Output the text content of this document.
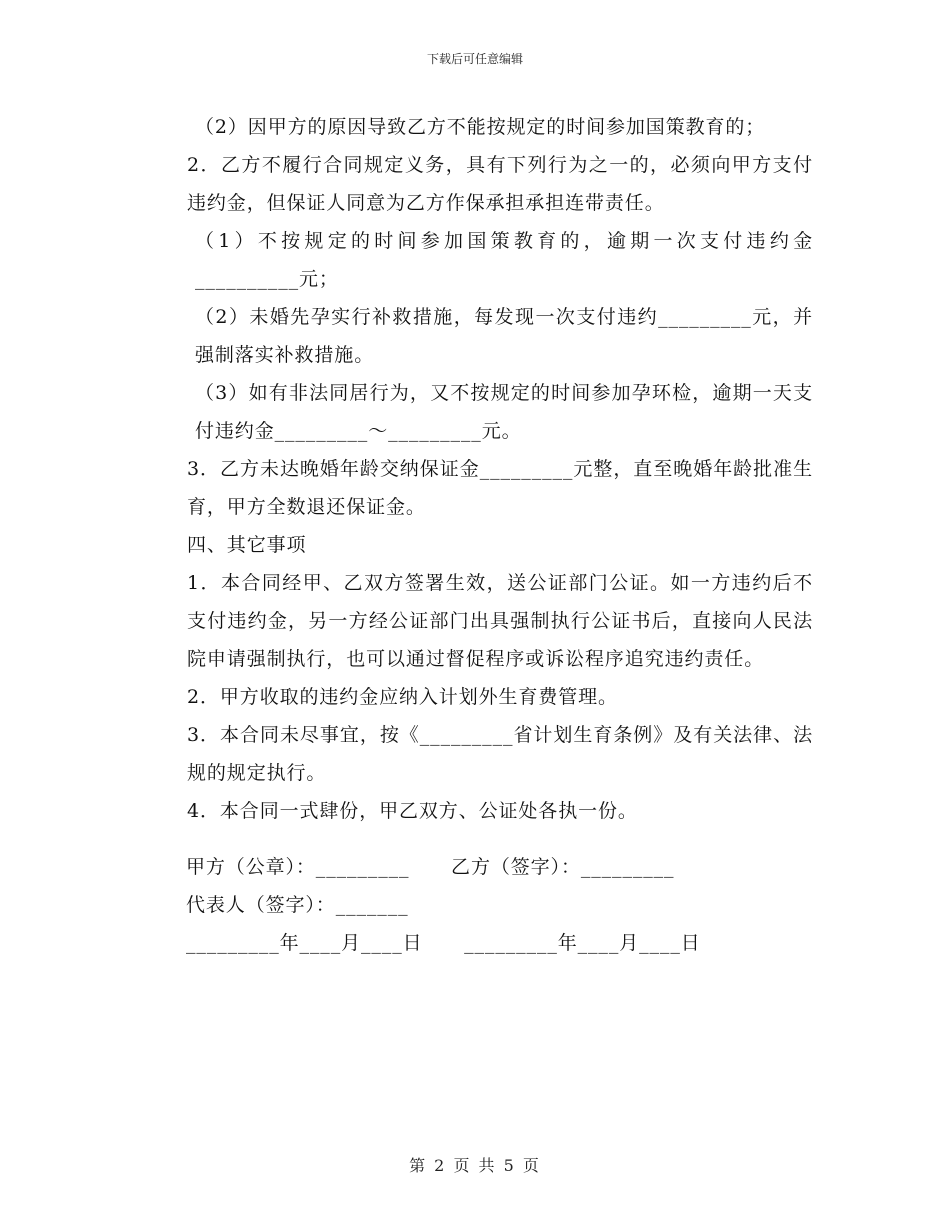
下载后可任意编辑

（2）因甲方的原因导致乙方不能按规定的时间参加国策教育的；

2．乙方不履行合同规定义务，具有下列行为之一的，必须向甲方支付违约金，但保证人同意为乙方作保承担承担连带责任。

（1）不按规定的时间参加国策教育的，逾期一次支付违约金__________元；

（2）未婚先孕实行补救措施，每发现一次支付违约_________元，并强制落实补救措施。

（3）如有非法同居行为，又不按规定的时间参加孕环检，逾期一天支付违约金_________～_________元。

3．乙方未达晚婚年龄交纳保证金_________元整，直至晚婚年龄批准生育，甲方全数退还保证金。

四、其它事项

1．本合同经甲、乙双方签署生效，送公证部门公证。如一方违约后不支付违约金，另一方经公证部门出具强制执行公证书后，直接向人民法院申请强制执行，也可以通过督促程序或诉讼程序追究违约责任。

2．甲方收取的违约金应纳入计划外生育费管理。

3．本合同未尽事宜，按《_________省计划生育条例》及有关法律、法规的规定执行。

4．本合同一式肆份，甲乙双方、公证处各执一份。

甲方（公章）：_________      乙方（签字）：_________
代表人（签字）：_______
_________年____月____日      _________年____月____日
第 2 页 共 5 页
